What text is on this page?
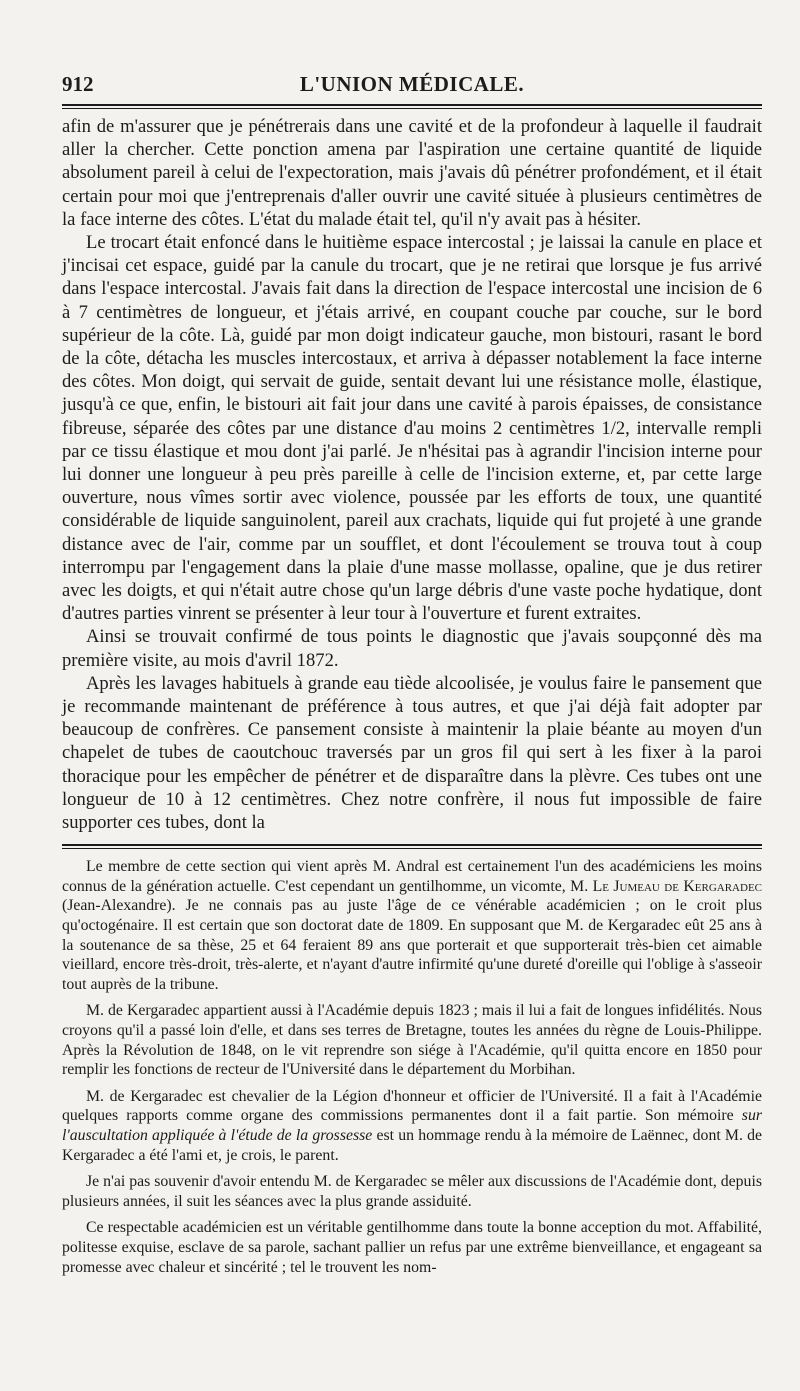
912	L'UNION MÉDICALE.

afin de m'assurer que je pénétrerais dans une cavité et de la profondeur à laquelle il faudrait aller la chercher. Cette ponction amena par l'aspiration une certaine quantité de liquide absolument pareil à celui de l'expectoration, mais j'avais dû pénétrer profondément, et il était certain pour moi que j'entreprenais d'aller ouvrir une cavité située à plusieurs centimètres de la face interne des côtes. L'état du malade était tel, qu'il n'y avait pas à hésiter.

Le trocart était enfoncé dans le huitième espace intercostal ; je laissai la canule en place et j'incisai cet espace, guidé par la canule du trocart, que je ne retirai que lorsque je fus arrivé dans l'espace intercostal. J'avais fait dans la direction de l'espace intercostal une incision de 6 à 7 centimètres de longueur, et j'étais arrivé, en coupant couche par couche, sur le bord supérieur de la côte. Là, guidé par mon doigt indicateur gauche, mon bistouri, rasant le bord de la côte, détacha les muscles intercostaux, et arriva à dépasser notablement la face interne des côtes. Mon doigt, qui servait de guide, sentait devant lui une résistance molle, élastique, jusqu'à ce que, enfin, le bistouri ait fait jour dans une cavité à parois épaisses, de consistance fibreuse, séparée des côtes par une distance d'au moins 2 centimètres 1/2, intervalle rempli par ce tissu élastique et mou dont j'ai parlé. Je n'hésitai pas à agrandir l'incision interne pour lui donner une longueur à peu près pareille à celle de l'incision externe, et, par cette large ouverture, nous vîmes sortir avec violence, poussée par les efforts de toux, une quantité considérable de liquide sanguinolent, pareil aux crachats, liquide qui fut projeté à une grande distance avec de l'air, comme par un soufflet, et dont l'écoulement se trouva tout à coup interrompu par l'engagement dans la plaie d'une masse mollasse, opaline, que je dus retirer avec les doigts, et qui n'était autre chose qu'un large débris d'une vaste poche hydatique, dont d'autres parties vinrent se présenter à leur tour à l'ouverture et furent extraites.

Ainsi se trouvait confirmé de tous points le diagnostic que j'avais soupçonné dès ma première visite, au mois d'avril 1872.

Après les lavages habituels à grande eau tiède alcoolisée, je voulus faire le pansement que je recommande maintenant de préférence à tous autres, et que j'ai déjà fait adopter par beaucoup de confrères. Ce pansement consiste à maintenir la plaie béante au moyen d'un chapelet de tubes de caoutchouc traversés par un gros fil qui sert à les fixer à la paroi thoracique pour les empêcher de pénétrer et de disparaître dans la plèvre. Ces tubes ont une longueur de 10 à 12 centimètres. Chez notre confrère, il nous fut impossible de faire supporter ces tubes, dont la

Le membre de cette section qui vient après M. Andral est certainement l'un des académiciens les moins connus de la génération actuelle. C'est cependant un gentilhomme, un vicomte, M. Le Jumeau de Kergaradec (Jean-Alexandre). Je ne connais pas au juste l'âge de ce vénérable académicien ; on le croit plus qu'octogénaire. Il est certain que son doctorat date de 1809. En supposant que M. de Kergaradec eût 25 ans à la soutenance de sa thèse, 25 et 64 feraient 89 ans que porterait et que supporterait très-bien cet aimable vieillard, encore très-droit, très-alerte, et n'ayant d'autre infirmité qu'une dureté d'oreille qui l'oblige à s'asseoir tout auprès de la tribune.

M. de Kergaradec appartient aussi à l'Académie depuis 1823 ; mais il lui a fait de longues infidélités. Nous croyons qu'il a passé loin d'elle, et dans ses terres de Bretagne, toutes les années du règne de Louis-Philippe. Après la Révolution de 1848, on le vit reprendre son siége à l'Académie, qu'il quitta encore en 1850 pour remplir les fonctions de recteur de l'Université dans le département du Morbihan.

M. de Kergaradec est chevalier de la Légion d'honneur et officier de l'Université. Il a fait à l'Académie quelques rapports comme organe des commissions permanentes dont il a fait partie. Son mémoire sur l'auscultation appliquée à l'étude de la grossesse est un hommage rendu à la mémoire de Laënnec, dont M. de Kergaradec a été l'ami et, je crois, le parent.

Je n'ai pas souvenir d'avoir entendu M. de Kergaradec se mêler aux discussions de l'Académie dont, depuis plusieurs années, il suit les séances avec la plus grande assiduité.

Ce respectable académicien est un véritable gentilhomme dans toute la bonne acception du mot. Affabilité, politesse exquise, esclave de sa parole, sachant pallier un refus par une extrême bienveillance, et engageant sa promesse avec chaleur et sincérité ; tel le trouvent les nom-
